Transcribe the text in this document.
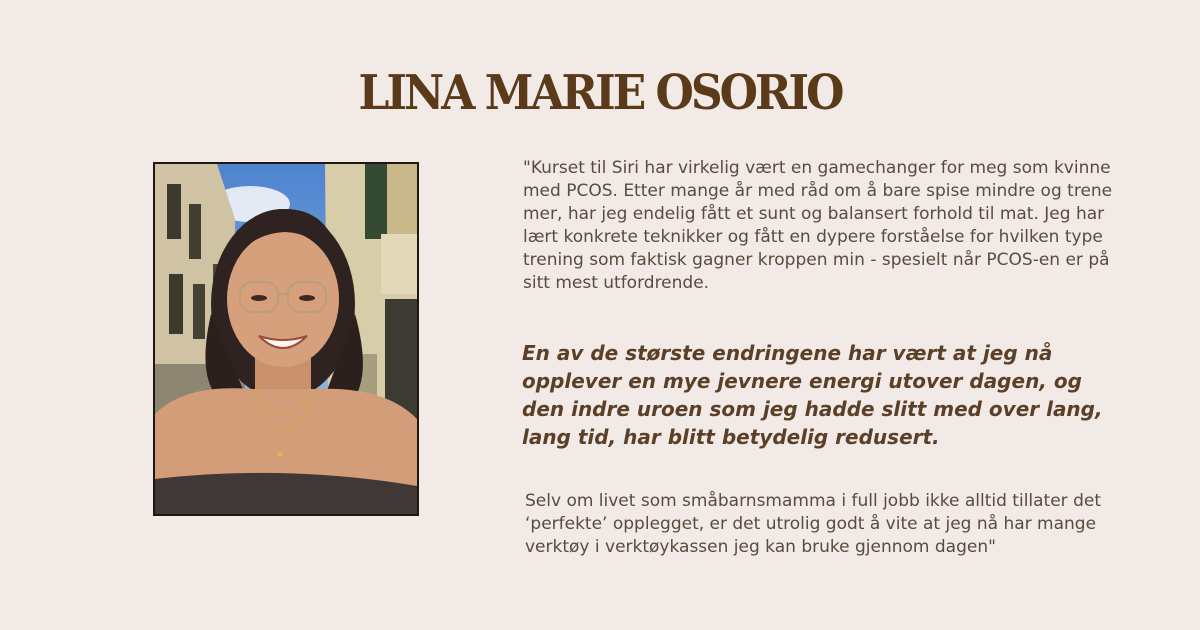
LINA MARIE OSORIO

"Kurset til Siri har virkelig vært en gamechanger for meg som kvinne med PCOS. Etter mange år med råd om å bare spise mindre og trene mer, har jeg endelig fått et sunt og balansert forhold til mat. Jeg har lært konkrete teknikker og fått en dypere forståelse for hvilken type trening som faktisk gagner kroppen min - spesielt når PCOS-en er på sitt mest utfordrende.

En av de største endringene har vært at jeg nå opplever en mye jevnere energi utover dagen, og den indre uroen som jeg hadde slitt med over lang, lang tid, har blitt betydelig redusert.

Selv om livet som småbarnsmamma i full jobb ikke alltid tillater det ‘perfekte’ opplegget, er det utrolig godt å vite at jeg nå har mange verktøy i verktøykassen jeg kan bruke gjennom dagen"
